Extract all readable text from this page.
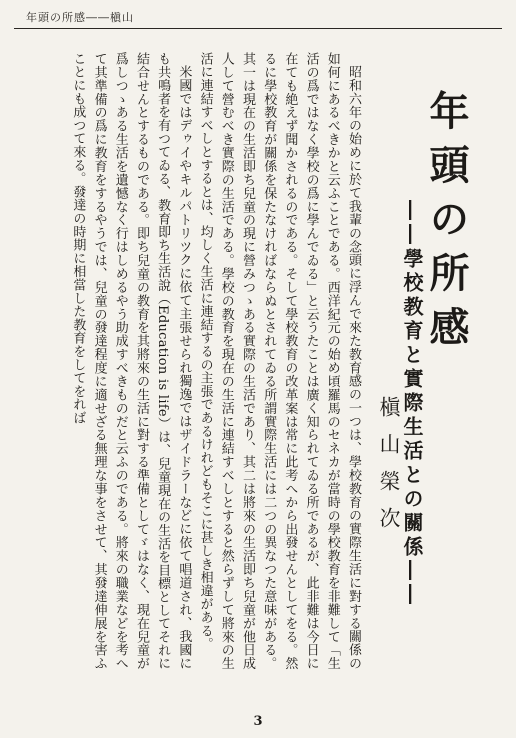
年頭の所感――槇山
年頭の所感
――學校教育と實際生活との關係――
槇山榮次

昭和六年の始めに於て我輩の念頭に浮んで來た教育感の一つは、學校教育の實際生活に對する關係の如何にあるべきかと云ふことである。西洋紀元の始め頃羅馬のセネカが當時の學校教育を非難して「生活の爲ではなく學校の爲に學んでゐる」と云うたことは廣く知られてゐる所であるが、此非難は今日に在ても絶えず聞かされるのである。そして學校教育の改革案は常に此考へから出發せんとしてをる。然るに學校教育が關係を保たなければならぬとされてゐる所謂實際生活には二つの異なつた意味がある。其一は現在の生活即ち兒童の現に營みつゝある實際の生活であり、其二は將來の生活即ち兒童が他日成人して營むべき實際の生活である。學校の教育を現在の生活に連結すべしとすると然らずして將來の生活に連結すべしとするとは、均しく生活に連結するの主張であるけれどもそこに甚しき相違がある。

米國ではデゥイやキルパトリツクに依て主張せられ獨逸ではザイドラーなどに依て唱道され、我國にも共鳴者を有つてゐる、教育即ち生活說（Education is life）は、兒童現在の生活を目標としてそれに結合せんとするものである。即ち兒童の教育を其將來の生活に對する準備としてゞはなく、現在兒童が爲しつゝある生活を遺憾なく行はしめるやう助成すべきものだと云ふのである。將來の職業などを考へて其準備の爲に教育をするやうでは、兒童の發達程度に適せざる無理な事をさせて、其發達伸展を害ふことにも成つて來る。發達の時期に相當した教育をしてをれば

3
